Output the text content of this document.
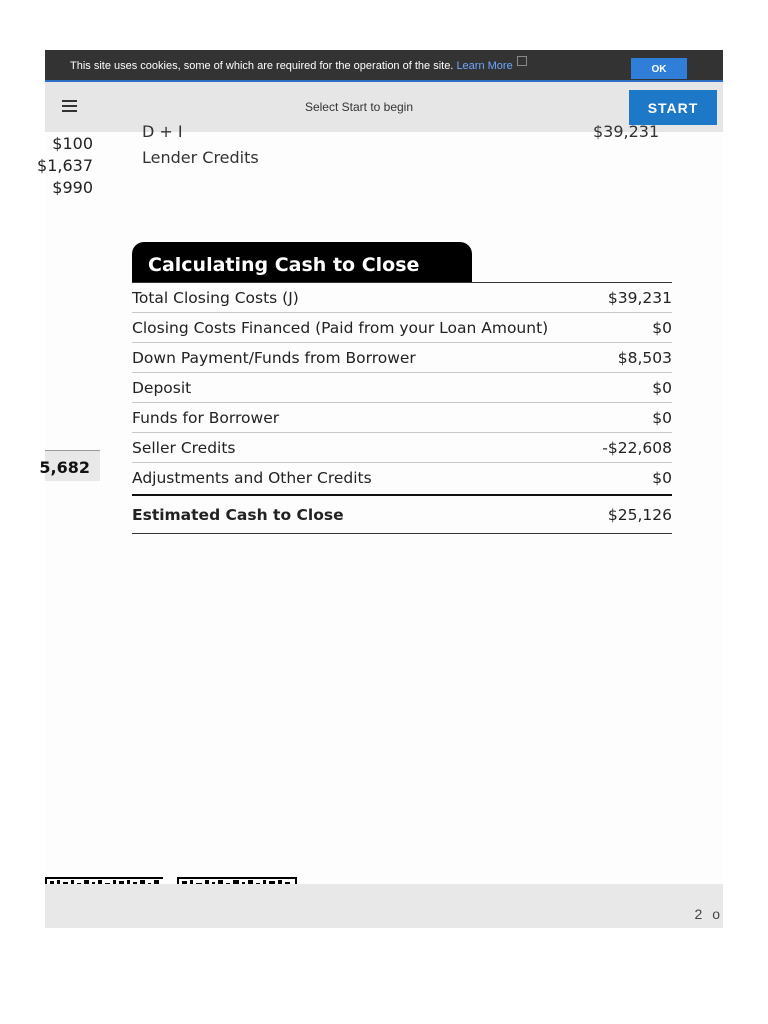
This site uses cookies, some of which are required for the operation of the site. Learn More	OK
Select Start to begin	START
$100
$1,637
$990
D + I	$39,231
Lender Credits
Calculating Cash to Close
Total Closing Costs (J)	$39,231
Closing Costs Financed (Paid from your Loan Amount)	$0
Down Payment/Funds from Borrower	$8,503
Deposit	$0
Funds for Borrower	$0
Seller Credits	-$22,608
Adjustments and Other Credits	$0
5,682
Estimated Cash to Close	$25,126
2 o
